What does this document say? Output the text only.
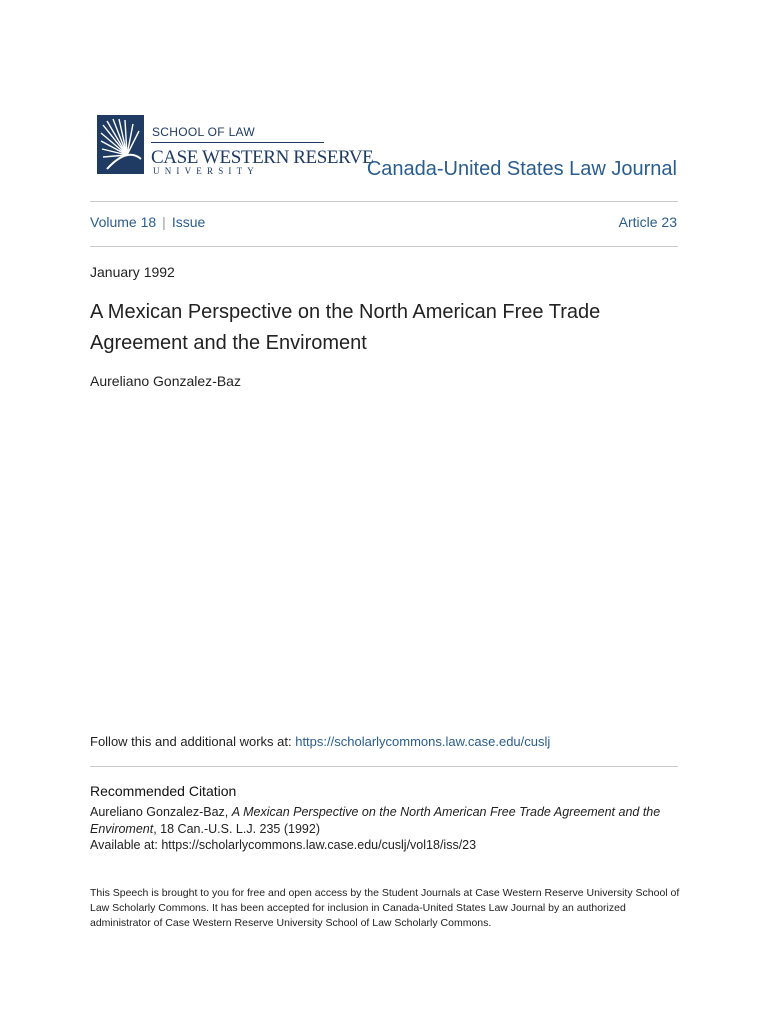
SCHOOL OF LAW
CASE WESTERN RESERVE
UNIVERSITY	Canada-United States Law Journal
Volume 18 | Issue	Article 23
January 1992
A Mexican Perspective on the North American Free Trade Agreement and the Enviroment
Aureliano Gonzalez-Baz
Follow this and additional works at: https://scholarlycommons.law.case.edu/cuslj
Recommended Citation
Aureliano Gonzalez-Baz, A Mexican Perspective on the North American Free Trade Agreement and the Enviroment, 18 Can.-U.S. L.J. 235 (1992)
Available at: https://scholarlycommons.law.case.edu/cuslj/vol18/iss/23
This Speech is brought to you for free and open access by the Student Journals at Case Western Reserve University School of Law Scholarly Commons. It has been accepted for inclusion in Canada-United States Law Journal by an authorized administrator of Case Western Reserve University School of Law Scholarly Commons.
